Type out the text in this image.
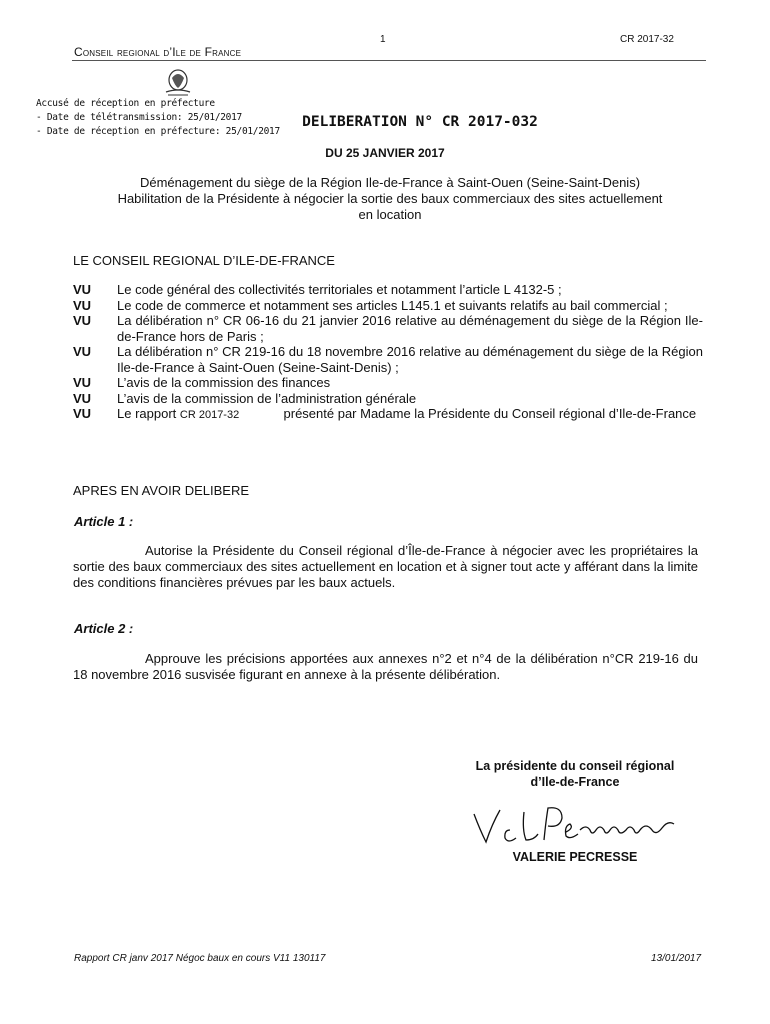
1	CR 2017-32
Conseil regional d’Ile de France
Accusé de réception en préfecture
- Date de télétransmission: 25/01/2017
- Date de réception en préfecture: 25/01/2017
DELIBERATION N° CR 2017-032
DU 25 JANVIER 2017
Déménagement du siège de la Région Ile-de-France à Saint-Ouen (Seine-Saint-Denis)
Habilitation de la Présidente à négocier la sortie des baux commerciaux des sites actuellement
en location
LE CONSEIL REGIONAL D’ILE-DE-FRANCE
VU	Le code général des collectivités territoriales et notamment l’article L 4132-5 ;
VU	Le code de commerce et notamment ses articles L145.1 et suivants relatifs au bail commercial ;
VU	La délibération n° CR 06-16 du 21 janvier 2016 relative au déménagement du siège de la Région Ile-de-France hors de Paris ;
VU	La délibération n° CR 219-16 du 18 novembre 2016 relative au déménagement du siège de la Région Ile-de-France à Saint-Ouen (Seine-Saint-Denis) ;
VU	L’avis de la commission des finances
VU	L’avis de la commission de l’administration générale
VU	Le rapport CR 2017-32	présenté par Madame la Présidente du Conseil régional d’Ile-de-France
APRES EN AVOIR DELIBERE
Article 1 :
Autorise la Présidente du Conseil régional d’Île-de-France à négocier avec les propriétaires la sortie des baux commerciaux des sites actuellement en location et à signer tout acte y afférant dans la limite des conditions financières prévues par les baux actuels.
Article 2 :
Approuve les précisions apportées aux annexes n°2 et n°4 de la délibération n°CR 219-16 du 18 novembre 2016 susvisée figurant en annexe à la présente délibération.
La présidente du conseil régional
d’Ile-de-France
VALERIE PECRESSE
Rapport CR janv 2017 Négoc baux en cours V11 130117	13/01/2017
